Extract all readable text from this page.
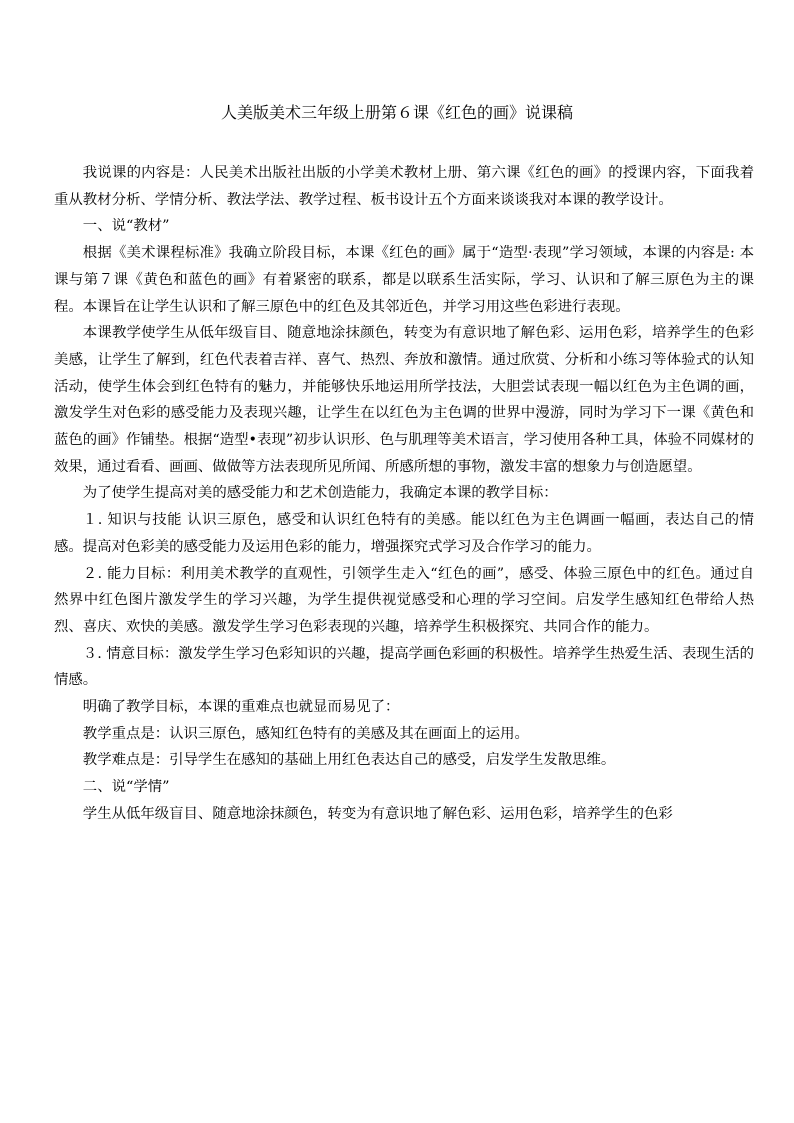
人美版美术三年级上册第６课《红色的画》说课稿

我说课的内容是：人民美术出版社出版的小学美术教材上册、第六课《红色的画》的授课内容，下面我着重从教材分析、学情分析、教法学法、教学过程、板书设计五个方面来谈谈我对本课的教学设计。

一、说“教材”

根据《美术课程标准》我确立阶段目标，本课《红色的画》属于“造型·表现”学习领域，本课的内容是: 本课与第７课《黄色和蓝色的画》有着紧密的联系，都是以联系生活实际，学习、认识和了解三原色为主的课程。本课旨在让学生认识和了解三原色中的红色及其邻近色，并学习用这些色彩进行表现。

本课教学使学生从低年级盲目、随意地涂抹颜色，转变为有意识地了解色彩、运用色彩，培养学生的色彩美感，让学生了解到，红色代表着吉祥、喜气、热烈、奔放和激情。通过欣赏、分析和小练习等体验式的认知活动，使学生体会到红色特有的魅力，并能够快乐地运用所学技法，大胆尝试表现一幅以红色为主色调的画，激发学生对色彩的感受能力及表现兴趣，让学生在以红色为主色调的世界中漫游，同时为学习下一课《黄色和蓝色的画》作铺垫。根据“造型•表现”初步认识形、色与肌理等美术语言，学习使用各种工具，体验不同媒材的效果，通过看看、画画、做做等方法表现所见所闻、所感所想的事物，激发丰富的想象力与创造愿望。

为了使学生提高对美的感受能力和艺术创造能力，我确定本课的教学目标：

１. 知识与技能 认识三原色，感受和认识红色特有的美感。能以红色为主色调画一幅画，表达自己的情感。提高对色彩美的感受能力及运用色彩的能力，增强探究式学习及合作学习的能力。

２. 能力目标：利用美术教学的直观性，引领学生走入“红色的画”，感受、体验三原色中的红色。通过自然界中红色图片激发学生的学习兴趣，为学生提供视觉感受和心理的学习空间。启发学生感知红色带给人热烈、喜庆、欢快的美感。激发学生学习色彩表现的兴趣，培养学生积极探究、共同合作的能力。

３. 情意目标：激发学生学习色彩知识的兴趣，提高学画色彩画的积极性。培养学生热爱生活、表现生活的情感。

明确了教学目标，本课的重难点也就显而易见了：

教学重点是：认识三原色，感知红色特有的美感及其在画面上的运用。

教学难点是：引导学生在感知的基础上用红色表达自己的感受，启发学生发散思维。

二、说“学情”

学生从低年级盲目、随意地涂抹颜色，转变为有意识地了解色彩、运用色彩，培养学生的色彩
